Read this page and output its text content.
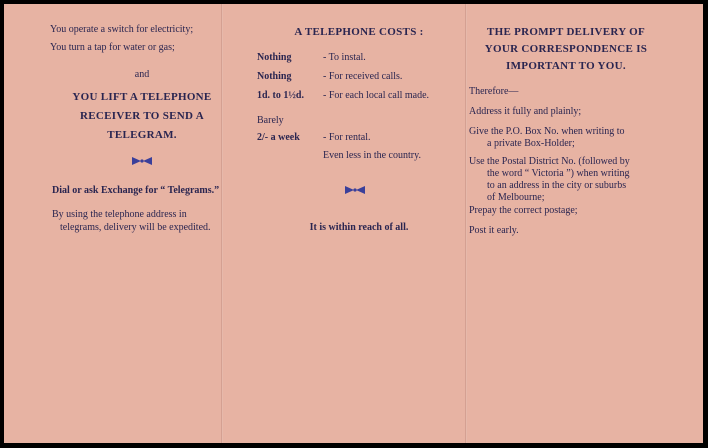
You operate a switch for electricity;
You turn a tap for water or gas;
and
YOU LIFT A TELEPHONE
RECEIVER TO SEND A
TELEGRAM.
Dial or ask Exchange for “ Telegrams.”
By using the telephone address in
telegrams, delivery will be expedited.
A TELEPHONE COSTS :
Nothing	- To instal.
Nothing	- For received calls.
1d. to 1½d. - For each local call made.
Barely
2/- a week - For rental.
Even less in the country.
It is within reach of all.
THE PROMPT DELIVERY OF
YOUR CORRESPONDENCE IS
IMPORTANT TO YOU.
Therefore—
Address it fully and plainly;
Give the P.O. Box No. when writing to
a private Box-Holder;
Use the Postal District No. (followed by
the word “ Victoria ”) when writing
to an address in the city or suburbs
of Melbourne;
Prepay the correct postage;
Post it early.
